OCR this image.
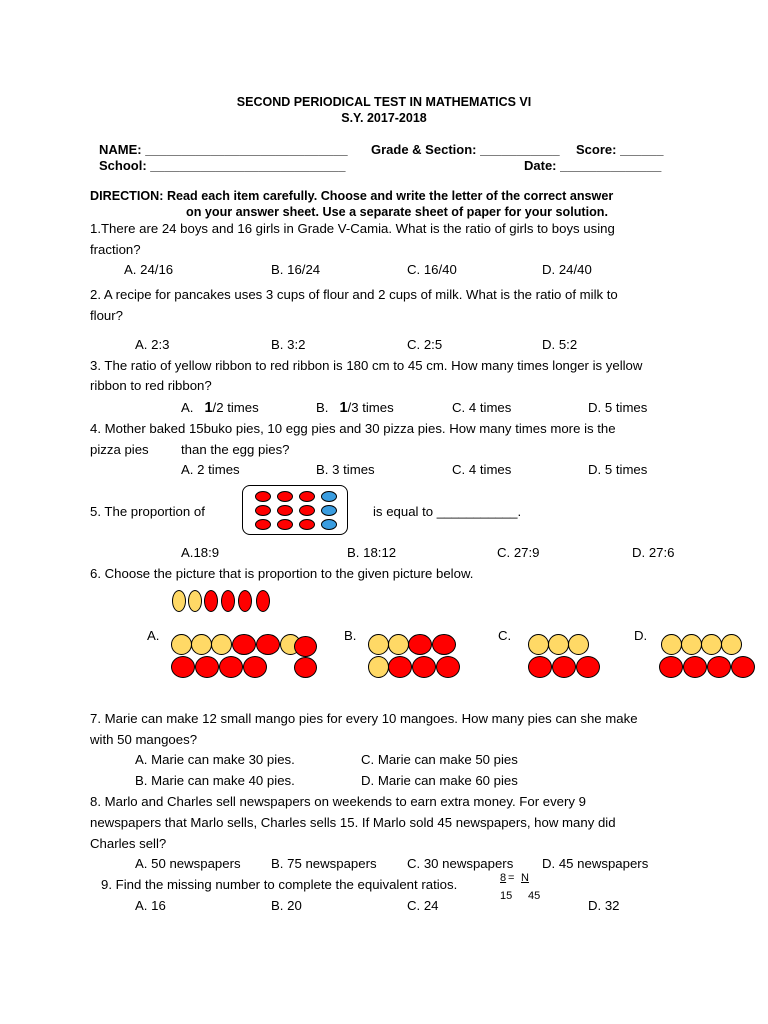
SECOND PERIODICAL TEST IN MATHEMATICS VI
S.Y. 2017-2018
NAME: ____________________________ Grade & Section: ___________ Score: ______
School: ___________________________	Date: ______________
DIRECTION: Read each item carefully. Choose and write the letter of the correct answer
on your answer sheet. Use a separate sheet of paper for your solution.
1.There are 24 boys and 16 girls in Grade V-Camia. What is the ratio of girls to boys using
fraction?
A. 24/16	B. 16/24	C. 16/40	D. 24/40
2. A recipe for pancakes uses 3 cups of flour and 2 cups of milk. What is the ratio of milk to
flour?
A. 2:3	B. 3:2	C. 2:5	D. 5:2
3. The ratio of yellow ribbon to red ribbon is 180 cm to 45 cm. How many times longer is yellow
ribbon to red ribbon?
A. 1/2 times	B. 1/3 times	C. 4 times	D. 5 times
4. Mother baked 15buko pies, 10 egg pies and 30 pizza pies. How many times more is the
pizza pies than the egg pies?
A. 2 times	B. 3 times	C. 4 times	D. 5 times
5. The proportion of	is equal to ___________.
A.18:9	B. 18:12	C. 27:9	D. 27:6
6. Choose the picture that is proportion to the given picture below.
A.	B.	C.	D.
7. Marie can make 12 small mango pies for every 10 mangoes. How many pies can she make
with 50 mangoes?
A. Marie can make 30 pies.	C. Marie can make 50 pies
B. Marie can make 40 pies.	D. Marie can make 60 pies
8. Marlo and Charles sell newspapers on weekends to earn extra money. For every 9
newspapers that Marlo sells, Charles sells 15. If Marlo sold 45 newspapers, how many did
Charles sell?
A. 50 newspapers B. 75 newspapers C. 30 newspapers D. 45 newspapers
9. Find the missing number to complete the equivalent ratios.	8 = N
15 45
A. 16	B. 20	C. 24	D. 32
